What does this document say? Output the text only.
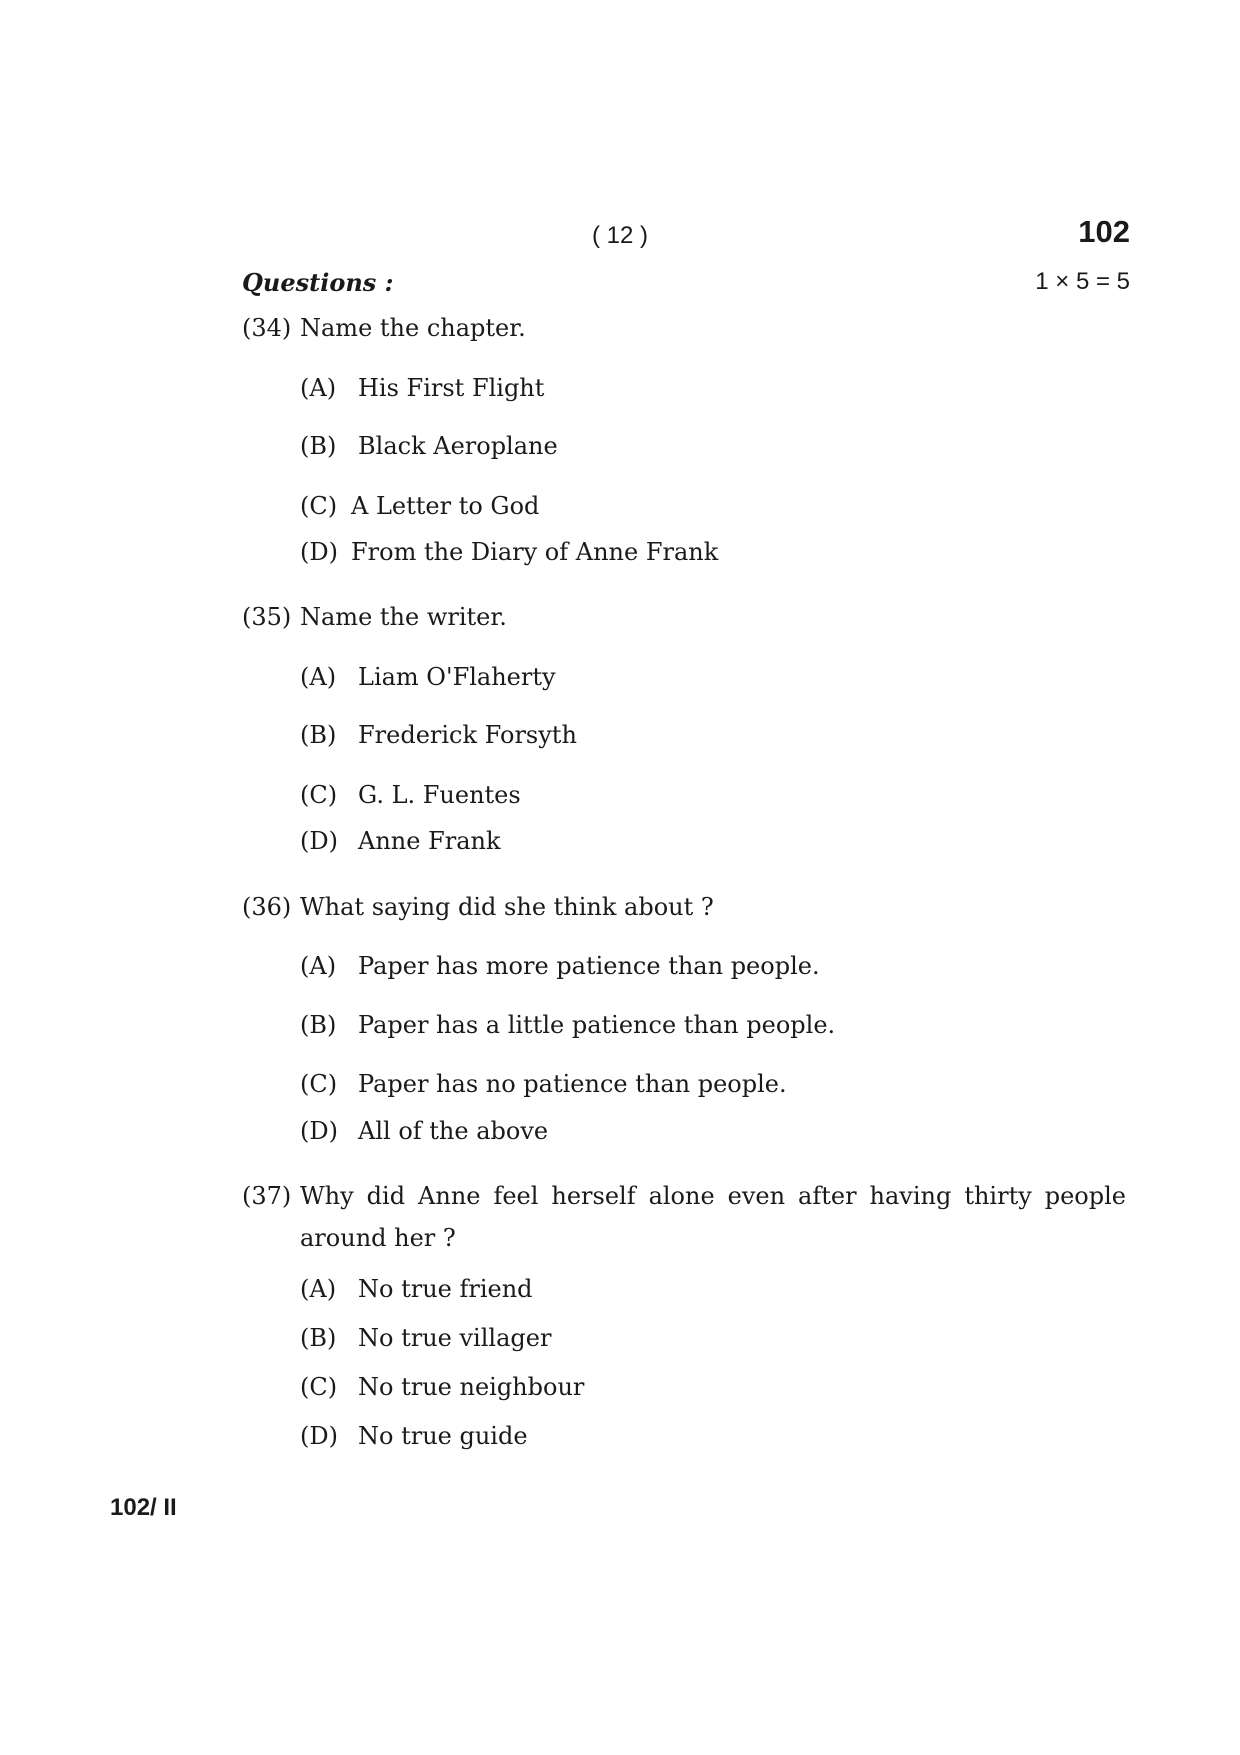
( 12 )	102
Questions :	1 × 5 = 5
(34) Name the chapter.
(A) His First Flight
(B) Black Aeroplane
(C) A Letter to God
(D) From the Diary of Anne Frank
(35) Name the writer.
(A) Liam O'Flaherty
(B) Frederick Forsyth
(C) G. L. Fuentes
(D) Anne Frank
(36) What saying did she think about ?
(A) Paper has more patience than people.
(B) Paper has a little patience than people.
(C) Paper has no patience than people.
(D) All of the above
(37) Why did Anne feel herself alone even after having thirty people around her ?
(A) No true friend
(B) No true villager
(C) No true neighbour
(D) No true guide
102/ II
